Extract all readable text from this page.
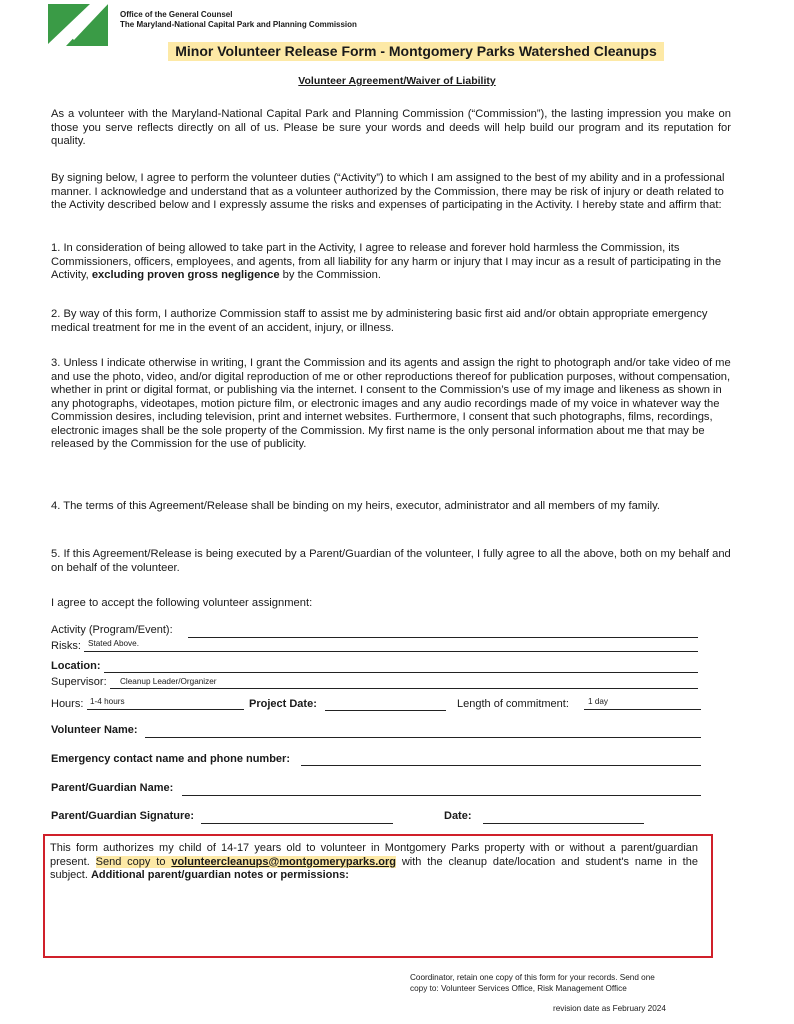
Office of the General Counsel
The Maryland-National Capital Park and Planning Commission
Minor Volunteer Release Form - Montgomery Parks Watershed Cleanups
Volunteer Agreement/Waiver of Liability
As a volunteer with the Maryland-National Capital Park and Planning Commission (“Commission”), the lasting impression you make on those you serve reflects directly on all of us. Please be sure your words and deeds will help build our program and its reputation for quality.
By signing below, I agree to perform the volunteer duties (“Activity”) to which I am assigned to the best of my ability and in a professional manner. I acknowledge and understand that as a volunteer authorized by the Commission, there may be risk of injury or death related to the Activity described below and I expressly assume the risks and expenses of participating in the Activity. I hereby state and affirm that:
1. In consideration of being allowed to take part in the Activity, I agree to release and forever hold harmless the Commission, its Commissioners, officers, employees, and agents, from all liability for any harm or injury that I may incur as a result of participating in the Activity, excluding proven gross negligence by the Commission.
2. By way of this form, I authorize Commission staff to assist me by administering basic first aid and/or obtain appropriate emergency medical treatment for me in the event of an accident, injury, or illness.
3. Unless I indicate otherwise in writing, I grant the Commission and its agents and assign the right to photograph and/or take video of me and use the photo, video, and/or digital reproduction of me or other reproductions thereof for publication purposes, without compensation, whether in print or digital format, or publishing via the internet. I consent to the Commission’s use of my image and likeness as shown in any photographs, videotapes, motion picture film, or electronic images and any audio recordings made of my voice in whatever way the Commission desires, including television, print and internet websites. Furthermore, I consent that such photographs, films, recordings, electronic images shall be the sole property of the Commission. My first name is the only personal information about me that may be released by the Commission for the use of publicity.
4. The terms of this Agreement/Release shall be binding on my heirs, executor, administrator and all members of my family.
5. If this Agreement/Release is being executed by a Parent/Guardian of the volunteer, I fully agree to all the above, both on my behalf and on behalf of the volunteer.
I agree to accept the following volunteer assignment:
Activity (Program/Event):
Risks: Stated Above.
Location:
Supervisor: Cleanup Leader/Organizer
Hours: 1-4 hours	Project Date:	Length of commitment: 1 day
Volunteer Name:
Emergency contact name and phone number:
Parent/Guardian Name:
Parent/Guardian Signature:	Date:
This form authorizes my child of 14-17 years old to volunteer in Montgomery Parks property with or without a parent/guardian present. Send copy to volunteercleanups@montgomeryparks.org with the cleanup date/location and student's name in the subject. Additional parent/guardian notes or permissions:
Coordinator, retain one copy of this form for your records. Send one
copy to: Volunteer Services Office, Risk Management Office
revision date as February 2024
